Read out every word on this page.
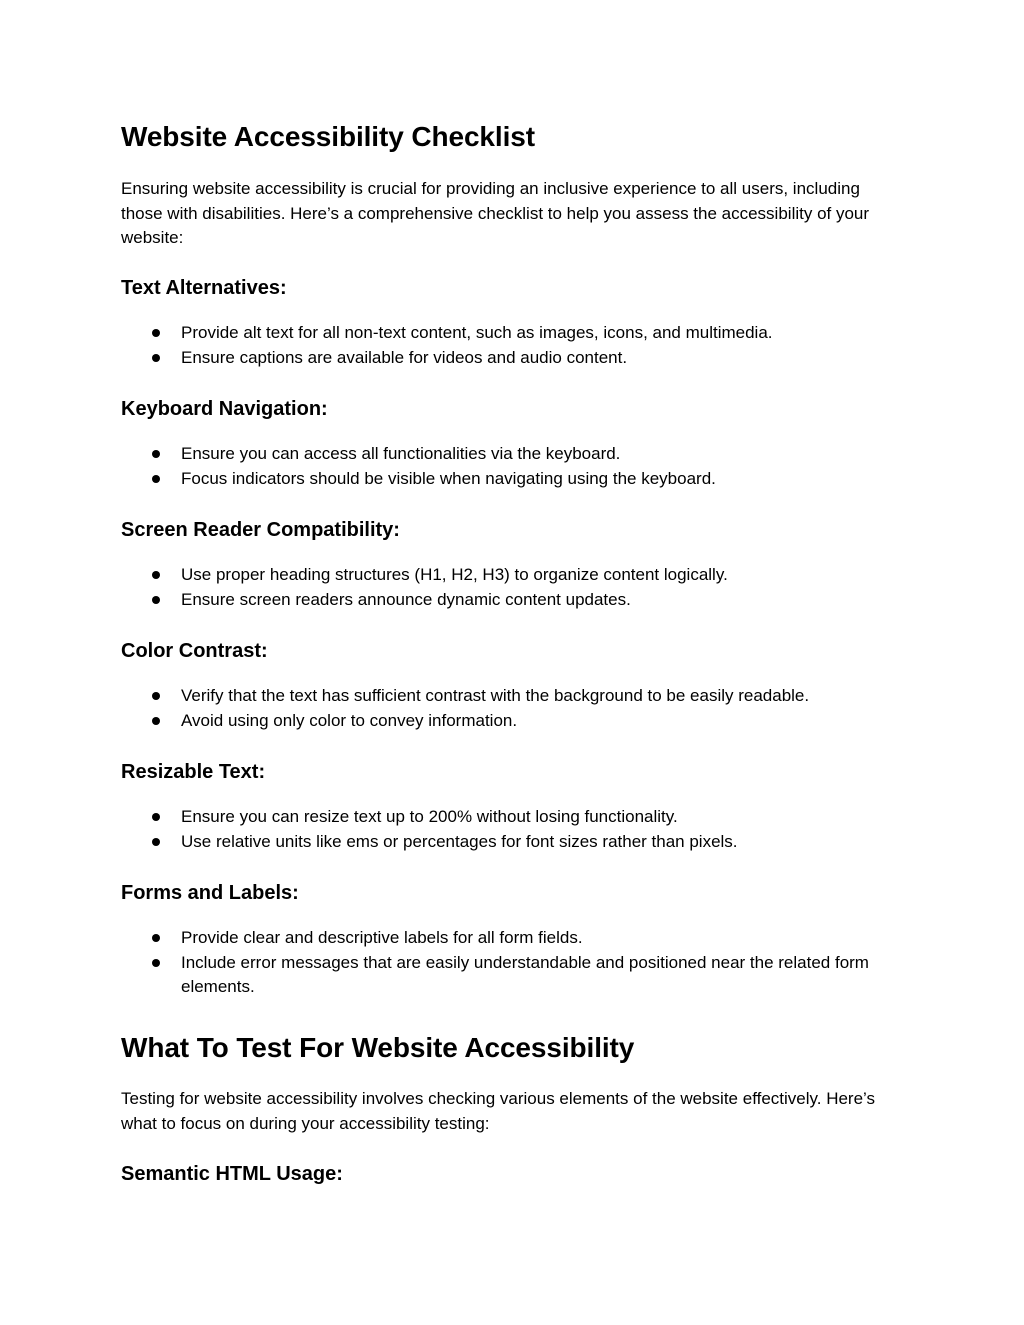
Website Accessibility Checklist

Ensuring website accessibility is crucial for providing an inclusive experience to all users, including those with disabilities. Here’s a comprehensive checklist to help you assess the accessibility of your website:

Text Alternatives:
Provide alt text for all non-text content, such as images, icons, and multimedia.
Ensure captions are available for videos and audio content.
Keyboard Navigation:
Ensure you can access all functionalities via the keyboard.
Focus indicators should be visible when navigating using the keyboard.
Screen Reader Compatibility:
Use proper heading structures (H1, H2, H3) to organize content logically.
Ensure screen readers announce dynamic content updates.
Color Contrast:
Verify that the text has sufficient contrast with the background to be easily readable.
Avoid using only color to convey information.
Resizable Text:
Ensure you can resize text up to 200% without losing functionality.
Use relative units like ems or percentages for font sizes rather than pixels.
Forms and Labels:
Provide clear and descriptive labels for all form fields.
Include error messages that are easily understandable and positioned near the related form elements.
What To Test For Website Accessibility

Testing for website accessibility involves checking various elements of the website effectively. Here’s what to focus on during your accessibility testing:

Semantic HTML Usage:
